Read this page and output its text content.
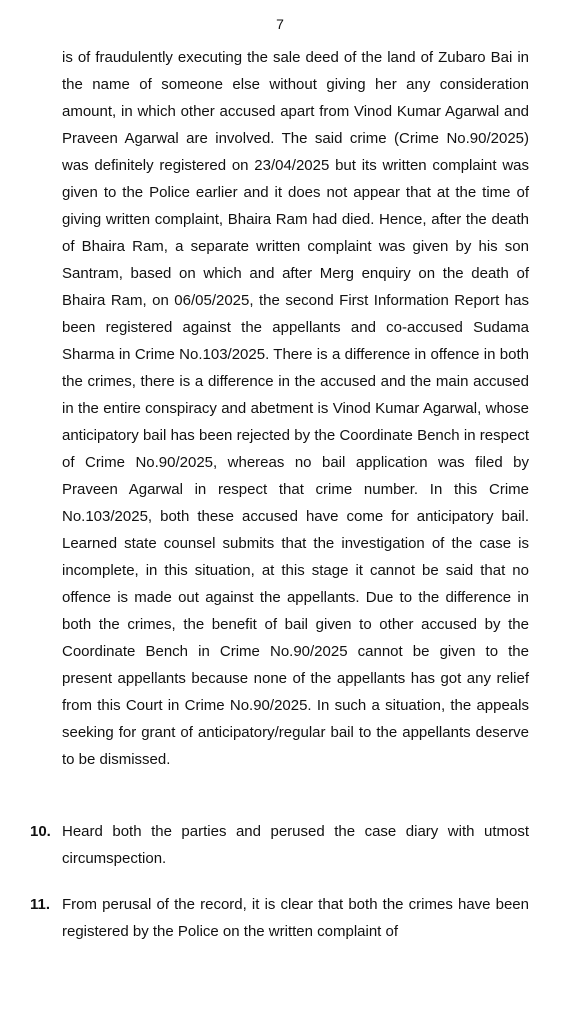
7

is of fraudulently executing the sale deed of the land of Zubaro Bai in the name of someone else without giving her any consideration amount, in which other accused apart from Vinod Kumar Agarwal and Praveen Agarwal are involved. The said crime (Crime No.90/2025) was definitely registered on 23/04/2025 but its written complaint was given to the Police earlier and it does not appear that at the time of giving written complaint, Bhaira Ram had died. Hence, after the death of Bhaira Ram, a separate written complaint was given by his son Santram, based on which and after Merg enquiry on the death of Bhaira Ram, on 06/05/2025, the second First Information Report has been registered against the appellants and co-accused Sudama Sharma in Crime No.103/2025. There is a difference in offence in both the crimes, there is a difference in the accused and the main accused in the entire conspiracy and abetment is Vinod Kumar Agarwal, whose anticipatory bail has been rejected by the Coordinate Bench in respect of Crime No.90/2025, whereas no bail application was filed by Praveen Agarwal in respect that crime number. In this Crime No.103/2025, both these accused have come for anticipatory bail. Learned state counsel submits that the investigation of the case is incomplete, in this situation, at this stage it cannot be said that no offence is made out against the appellants. Due to the difference in both the crimes, the benefit of bail given to other accused by the Coordinate Bench in Crime No.90/2025 cannot be given to the present appellants because none of the appellants has got any relief from this Court in Crime No.90/2025. In such a situation, the appeals seeking for grant of anticipatory/regular bail to the appellants deserve to be dismissed.

10. Heard both the parties and perused the case diary with utmost circumspection.
11. From perusal of the record, it is clear that both the crimes have been registered by the Police on the written complaint of
